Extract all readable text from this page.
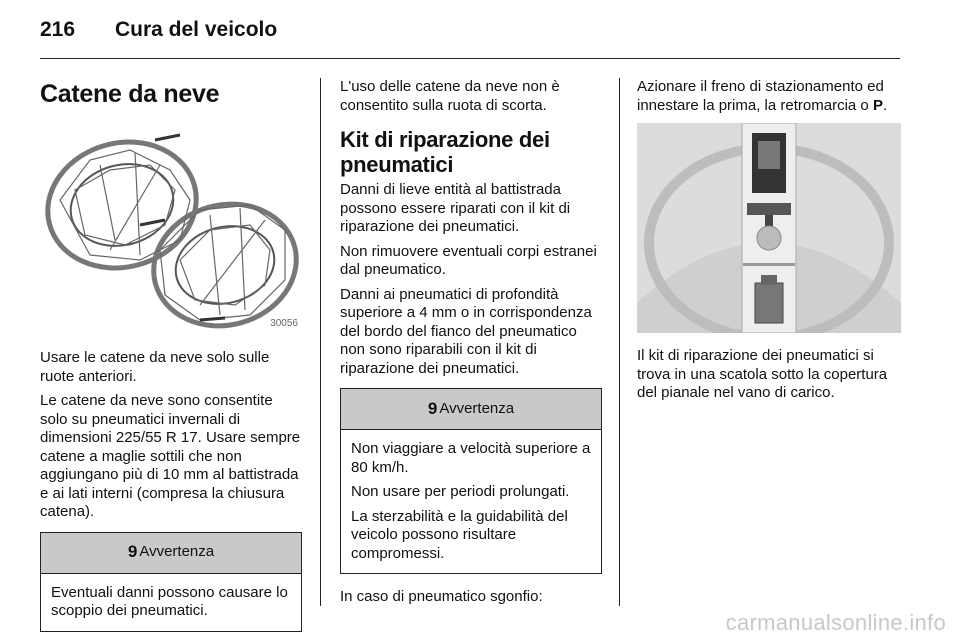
216 Cura del veicolo
Catene da neve
30056

Usare le catene da neve solo sulle ruote anteriori.

Le catene da neve sono consentite solo su pneumatici invernali di dimensioni 225/55 R 17. Usare sempre catene a maglie sottili che non aggiungano più di 10 mm al battistrada e ai lati interni (compresa la chiusura catena).

9 Avvertenza

Eventuali danni possono causare lo scoppio dei pneumatici.

L'uso delle catene da neve non è consentito sulla ruota di scorta.

Kit di riparazione dei pneumatici

Danni di lieve entità al battistrada possono essere riparati con il kit di riparazione dei pneumatici.

Non rimuovere eventuali corpi estranei dal pneumatico.

Danni ai pneumatici di profondità superiore a 4 mm o in corrispondenza del bordo del fianco del pneumatico non sono riparabili con il kit di riparazione dei pneumatici.

9 Avvertenza

Non viaggiare a velocità superiore a 80 km/h.

Non usare per periodi prolungati.

La sterzabilità e la guidabilità del veicolo possono risultare compromessi.

In caso di pneumatico sgonfio:

Azionare il freno di stazionamento ed innestare la prima, la retromarcia o P.

Il kit di riparazione dei pneumatici si trova in una scatola sotto la copertura del pianale nel vano di carico.

carmanualsonline.info
